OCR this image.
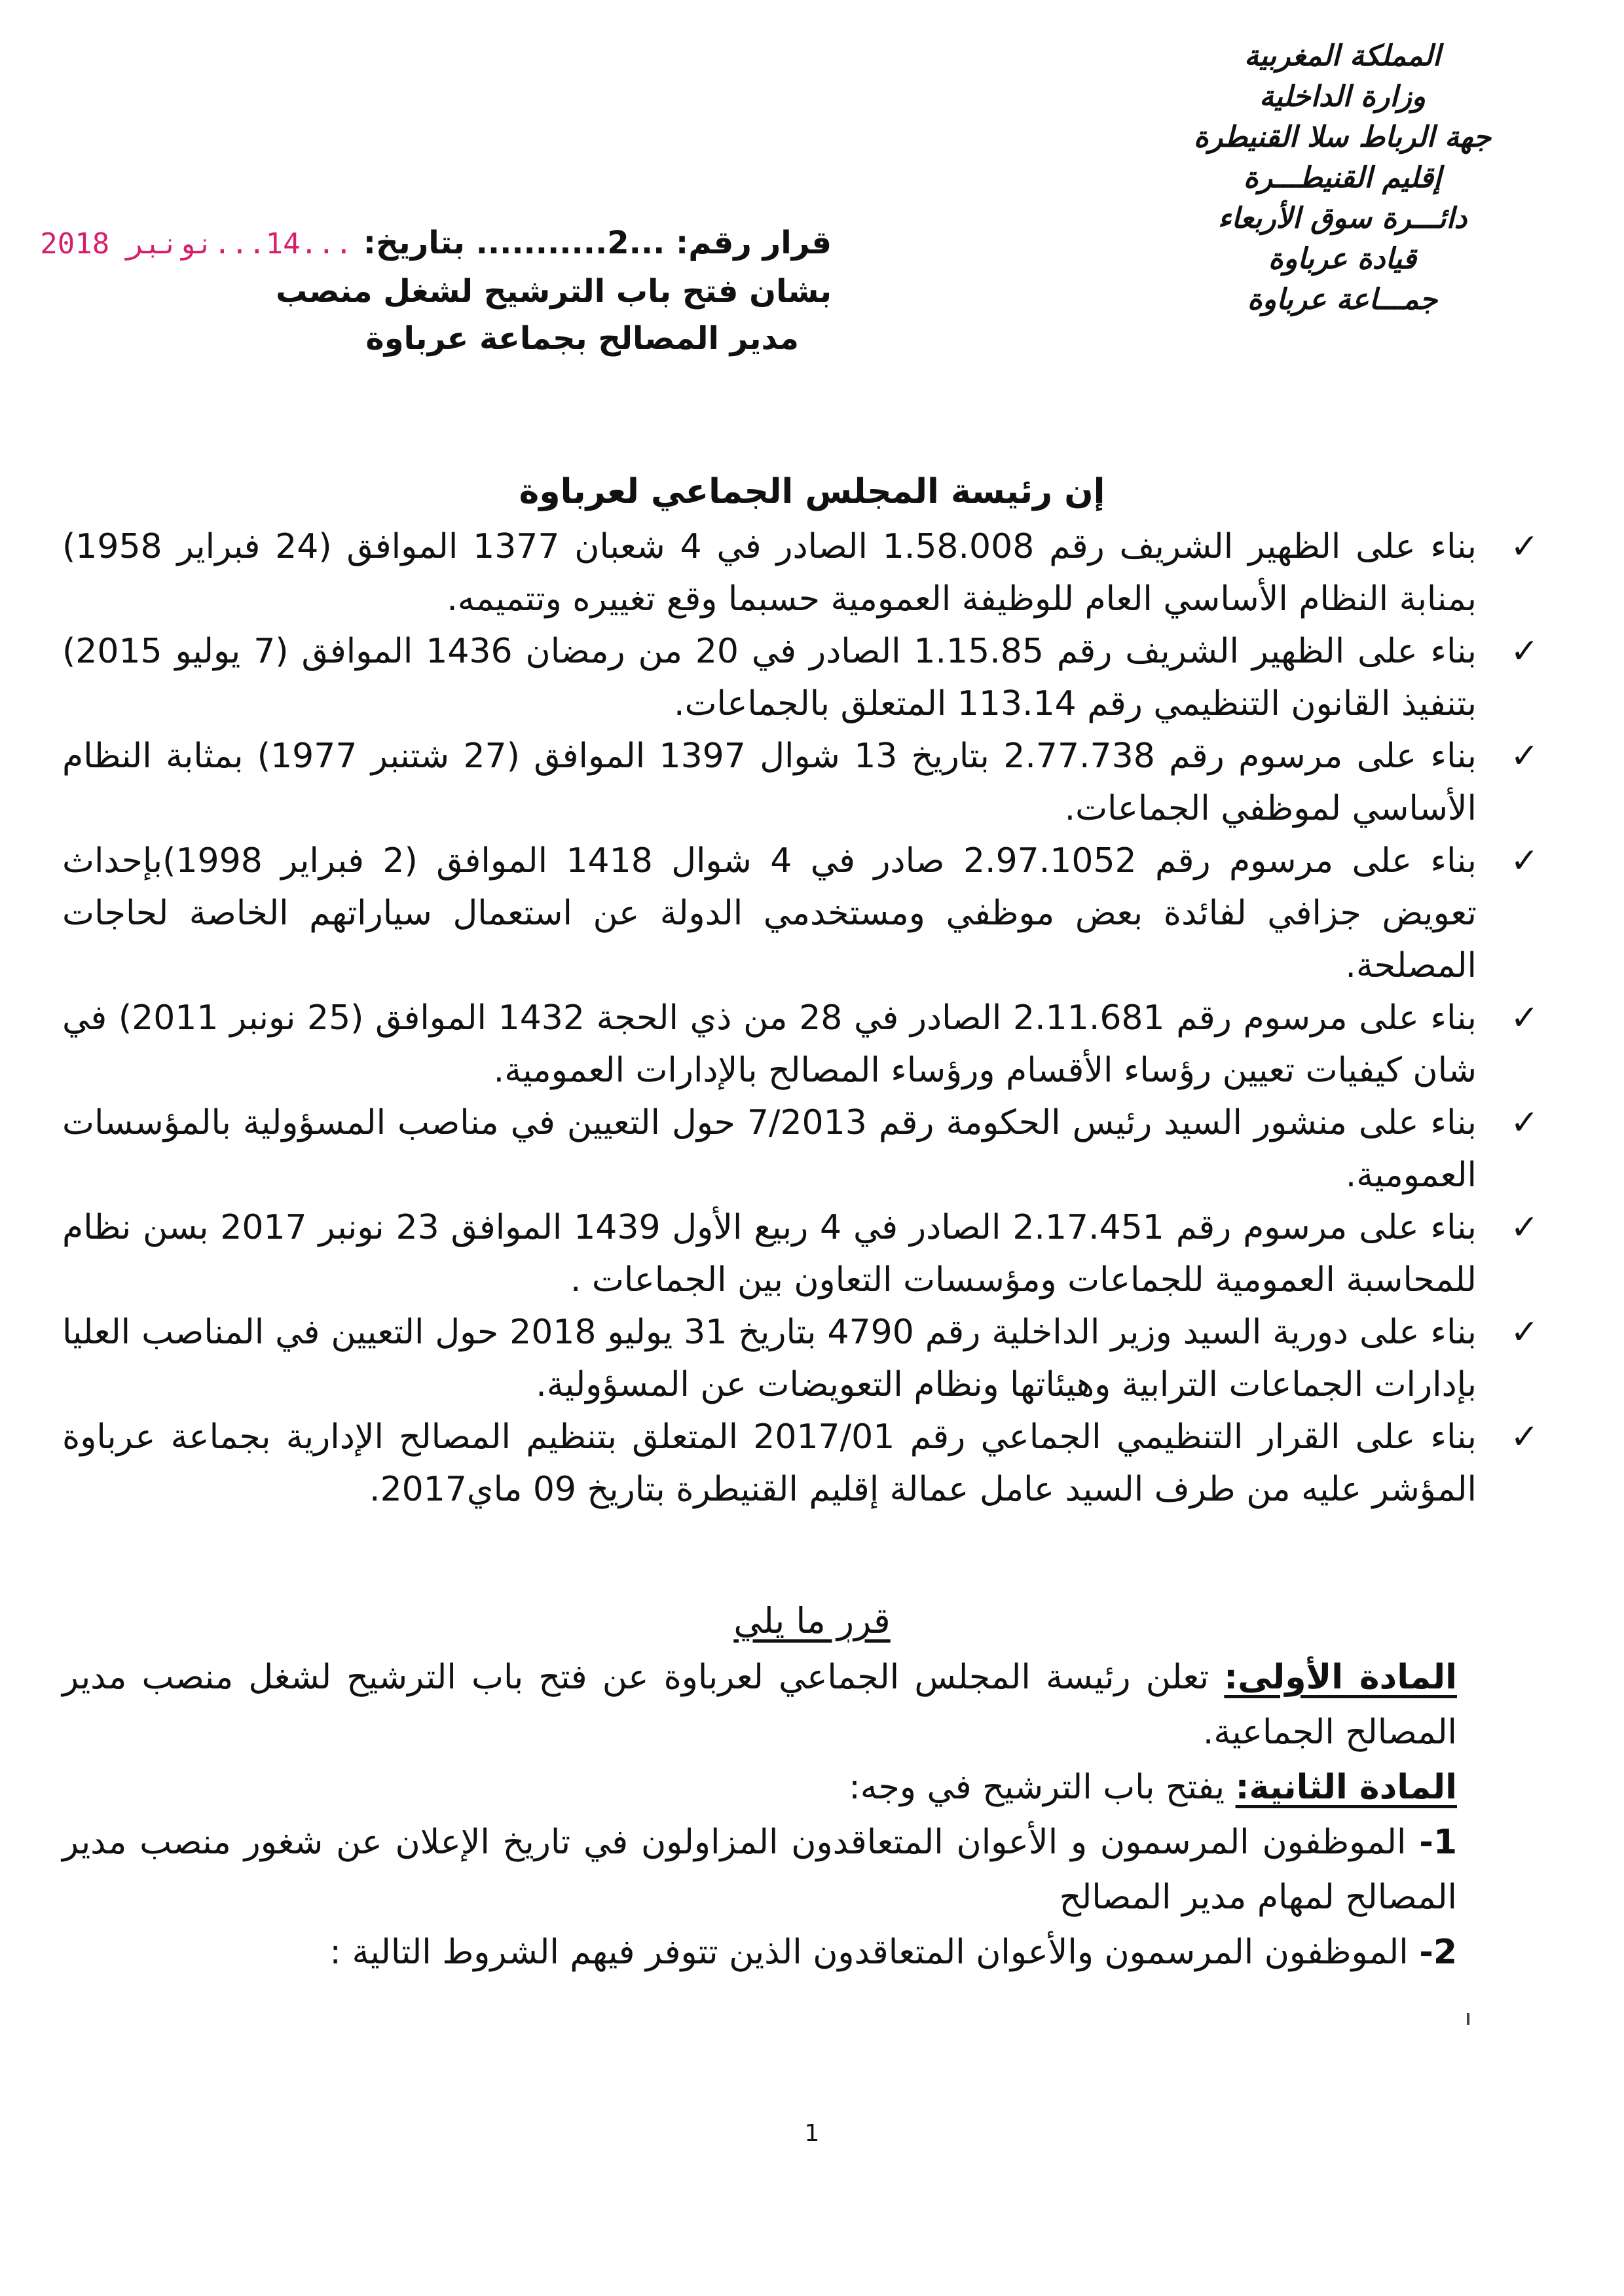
المملكة المغربية
وزارة الداخلية
جهة الرباط سلا القنيطرة
إقليم القنيطـــرة
دائـــرة سوق الأربعاء
قيادة عرباوة
جمـــاعة عرباوة
قرار رقم: ...2........... بتاريخ: ...14...نونبر 2018
بشان فتح باب الترشيح لشغل منصب
مدير المصالح بجماعة عرباوة
إن رئيسة المجلس الجماعي لعرباوة
✓
بناء على الظهير الشريف رقم 1.58.008 الصادر في 4 شعبان 1377 الموافق (24 فبراير 1958) بمنابة النظام الأساسي العام للوظيفة العمومية حسبما وقع تغييره وتتميمه.
✓
بناء على الظهير الشريف رقم 1.15.85 الصادر في 20 من رمضان 1436 الموافق (7 يوليو 2015) بتنفيذ القانون التنظيمي رقم 113.14 المتعلق بالجماعات.
✓
بناء على مرسوم رقم 2.77.738 بتاريخ 13 شوال 1397 الموافق (27 شتنبر 1977) بمثابة النظام الأساسي لموظفي الجماعات.
✓
بناء على مرسوم رقم 2.97.1052 صادر في 4 شوال 1418 الموافق (2 فبراير 1998)بإحداث تعويض جزافي لفائدة بعض موظفي ومستخدمي الدولة عن استعمال سياراتهم الخاصة لحاجات المصلحة.
✓
بناء على مرسوم رقم 2.11.681 الصادر في 28 من ذي الحجة 1432 الموافق (25 نونبر 2011) في شان كيفيات تعيين رؤساء الأقسام ورؤساء المصالح بالإدارات العمومية.
✓
بناء على منشور السيد رئيس الحكومة رقم 7/2013 حول التعيين في مناصب المسؤولية بالمؤسسات العمومية.
✓
بناء على مرسوم رقم 2.17.451 الصادر في 4 ربيع الأول 1439 الموافق 23 نونبر 2017 بسن نظام للمحاسبة العمومية للجماعات ومؤسسات التعاون بين الجماعات .
✓
بناء على دورية السيد وزير الداخلية رقم 4790 بتاريخ 31 يوليو 2018 حول التعيين في المناصب العليا بإدارات الجماعات الترابية وهيئاتها ونظام التعويضات عن المسؤولية.
✓
بناء على القرار التنظيمي الجماعي رقم 2017/01 المتعلق بتنظيم المصالح الإدارية بجماعة عرباوة المؤشر عليه من طرف السيد عامل عمالة إقليم القنيطرة بتاريخ 09 ماي2017.
قرر ما يلي

المادة الأولى: تعلن رئيسة المجلس الجماعي لعرباوة عن فتح باب الترشيح لشغل منصب مدير المصالح الجماعية.

المادة الثانية: يفتح باب الترشيح في وجه:

1- الموظفون المرسمون و الأعوان المتعاقدون المزاولون في تاريخ الإعلان عن شغور منصب مدير المصالح لمهام مدير المصالح

2- الموظفون المرسمون والأعوان المتعاقدون الذين تتوفر فيهم الشروط التالية :

1
